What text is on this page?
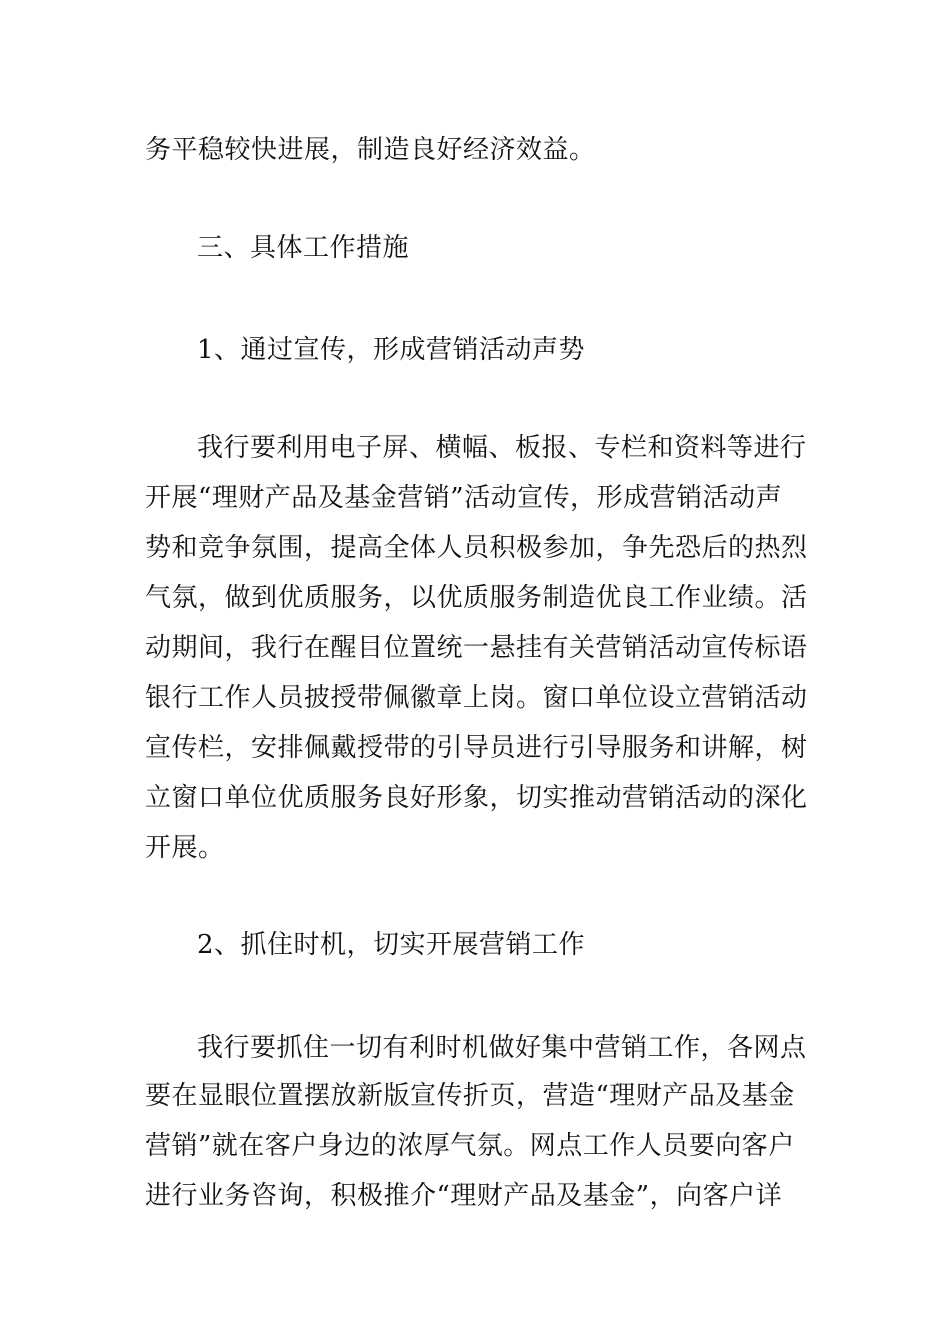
务平稳较快进展，制造良好经济效益。
三、具体工作措施
1、通过宣传，形成营销活动声势
我行要利用电子屏、横幅、板报、专栏和资料等进行
开展“理财产品及基金营销”活动宣传，形成营销活动声
势和竞争氛围，提高全体人员积极参加，争先恐后的热烈
气氛，做到优质服务，以优质服务制造优良工作业绩。活
动期间，我行在醒目位置统一悬挂有关营销活动宣传标语
银行工作人员披授带佩徽章上岗。窗口单位设立营销活动
宣传栏，安排佩戴授带的引导员进行引导服务和讲解，树
立窗口单位优质服务良好形象，切实推动营销活动的深化
开展。
2、抓住时机，切实开展营销工作
我行要抓住一切有利时机做好集中营销工作，各网点
要在显眼位置摆放新版宣传折页，营造“理财产品及基金
营销”就在客户身边的浓厚气氛。网点工作人员要向客户
进行业务咨询，积极推介“理财产品及基金”，向客户详
